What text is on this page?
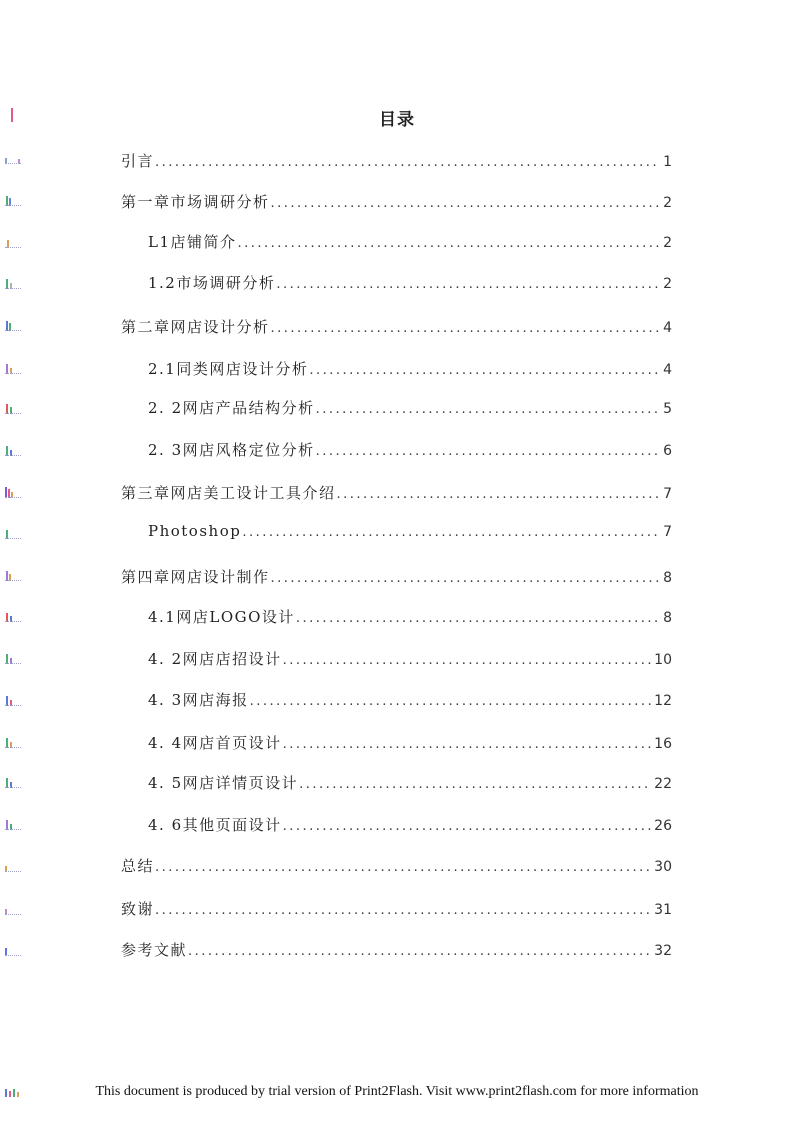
目录
引言 .....	1
第一章市场调研分析 .....	2
L1店铺简介 .....	2
1.2市场调研分析 .....	2
第二章网店设计分析 .....	4
2.1同类网店设计分析 .....	4
2. 2网店产品结构分析 .....	5
2. 3网店风格定位分析 .....	6
第三章网店美工设计工具介绍 .....	7
Photoshop .....	7
第四章网店设计制作 .....	8
4.1网店LOGO设计 .....	8
4. 2网店店招设计 .....	10
4. 3网店海报 .....	12
4. 4网店首页设计 .....	16
4. 5网店详情页设计 .....	22
4. 6其他页面设计 .....	26
总结 .....	30
致谢 .....	31
参考文献 .....	32
This document is produced by trial version of Print2Flash. Visit www.print2flash.com for more information
